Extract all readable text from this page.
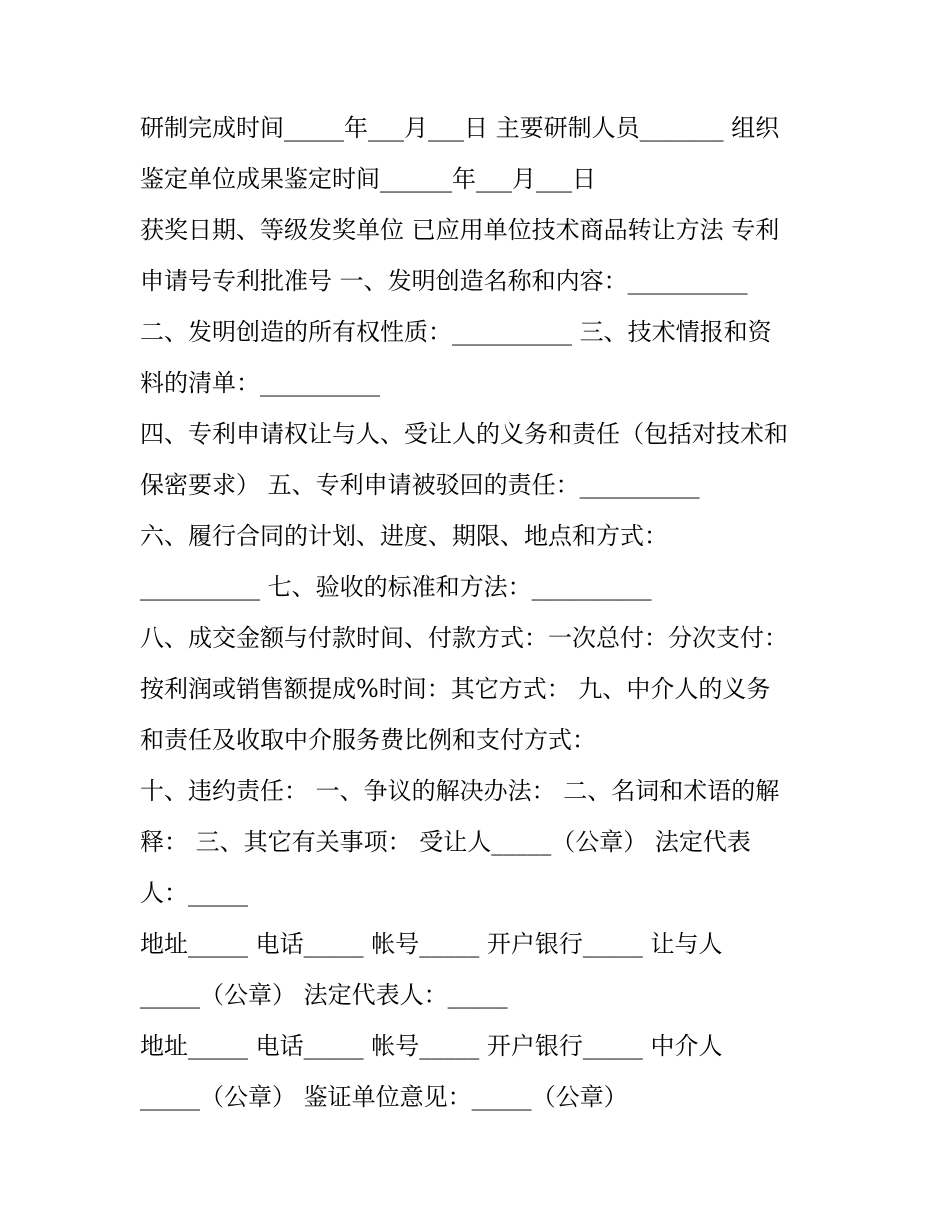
研制完成时间_____年___月___日 主要研制人员_______ 组织
鉴定单位成果鉴定时间______年___月___日
获奖日期、等级发奖单位 已应用单位技术商品转让方法 专利
申请号专利批准号 一、发明创造名称和内容：__________
二、发明创造的所有权性质：__________ 三、技术情报和资
料的清单：__________
四、专利申请权让与人、受让人的义务和责任（包括对技术和
保密要求） 五、专利申请被驳回的责任：__________
六、履行合同的计划、进度、期限、地点和方式：
__________ 七、验收的标准和方法：__________
八、成交金额与付款时间、付款方式：一次总付：分次支付：
按利润或销售额提成%时间：其它方式： 九、中介人的义务
和责任及收取中介服务费比例和支付方式：
十、违约责任： 一、争议的解决办法： 二、名词和术语的解
释： 三、其它有关事项： 受让人_____（公章） 法定代表
人：_____
地址_____ 电话_____ 帐号_____ 开户银行_____ 让与人
_____（公章） 法定代表人：_____
地址_____ 电话_____ 帐号_____ 开户银行_____ 中介人
_____（公章） 鉴证单位意见：_____（公章）
